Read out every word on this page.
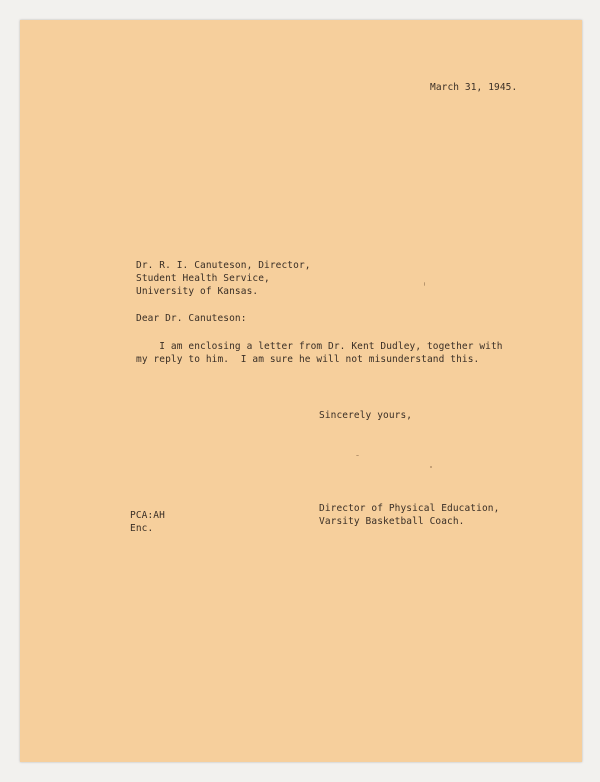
March 31, 1945.
Dr. R. I. Canuteson, Director,
Student Health Service,
University of Kansas.
Dear Dr. Canuteson:
I am enclosing a letter from Dr. Kent Dudley, together with
my reply to him.  I am sure he will not misunderstand this.
Sincerely yours,
Director of Physical Education,
Varsity Basketball Coach.
PCA:AH
Enc.
